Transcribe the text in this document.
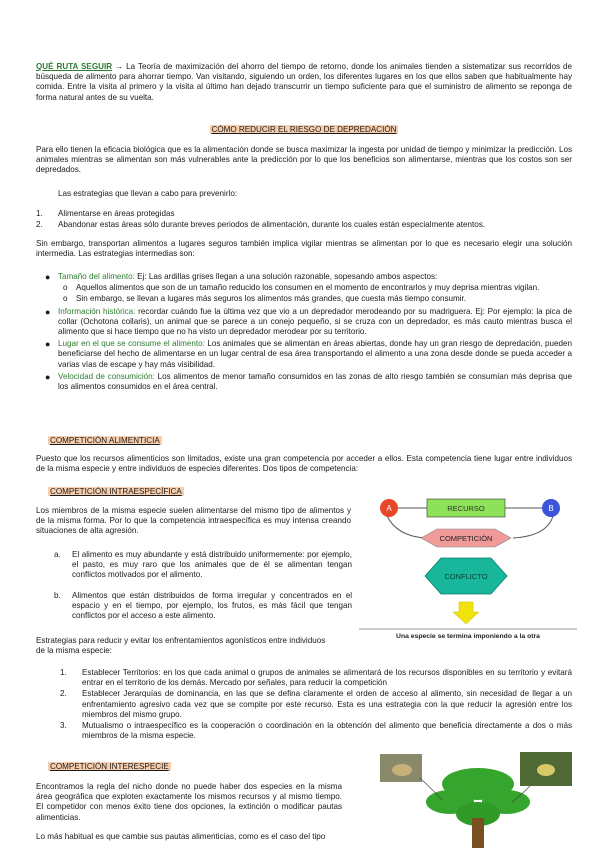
QUÉ RUTA SEGUIR → La Teoría de maximización del ahorro del tiempo de retorno, donde los animales tienden a sistematizar sus recorridos de búsqueda de alimento para ahorrar tiempo. Van visitando, siguiendo un orden, los diferentes lugares en los que ellos saben que habitualmente hay comida. Entre la visita al primero y la visita al último han dejado transcurrir un tiempo suficiente para que el suministro de alimento se reponga de forma natural antes de su vuelta.

CÓMO REDUCIR EL RIESGO DE DEPREDACIÓN

Para ello tienen la eficacia biológica que es la alimentación donde se busca maximizar la ingesta por unidad de tiempo y minimizar la predicción. Los animales mientras se alimentan son más vulnerables ante la predicción por lo que los beneficios son alimentarse, mientras que los costos son ser depredados.

Las estrategias que llevan a cabo para prevenirlo:

1.	Alimentarse en áreas protegidas
2.	Abandonar estas áreas sólo durante breves periodos de alimentación, durante los cuales están especialmente atentos.

Sin embargo, transportan alimentos a lugares seguros también implica vigilar mientras se alimentan por lo que es necesario elegir una solución intermedia. Las estrategias intermedias son:

● Tamaño del alimento: Ej: Las ardillas grises llegan a una solución razonable, sopesando ambos aspectos:
o Aquellos alimentos que son de un tamaño reducido los consumen en el momento de encontrarlos y muy deprisa mientras vigilan.
o Sin embargo, se llevan a lugares más seguros los alimentos más grandes, que cuesta más tiempo consumir.
● Información histórica: recordar cuándo fue la última vez que vio a un depredador merodeando por su madriguera. Ej: Por ejemplo: la pica de collar (Ochotona collaris), un animal que se parece a un conejo pequeño, si se cruza con un depredador, es más cauto mientras busca el alimento que si hace tiempo que no ha visto un depredador merodear por su territorio.
● Lugar en el que se consume el alimento: Los animales que se alimentan en áreas abiertas, donde hay un gran riesgo de depredación, pueden beneficiarse del hecho de alimentarse en un lugar central de esa área transportando el alimento a una zona desde donde se pueda acceder a varias vías de escape y hay más visibilidad.
● Velocidad de consumición: Los alimentos de menor tamaño consumidos en las zonas de alto riesgo también se consumían más deprisa que los alimentos consumidos en el área central.

COMPETICIÓN ALIMENTICIA

Puesto que los recursos alimenticios son limitados, existe una gran competencia por acceder a ellos. Esta competencia tiene lugar entre individuos de la misma especie y entre individuos de especies diferentes. Dos tipos de competencia:

COMPETICIÓN INTRAESPECÍFICA

Los miembros de la misma especie suelen alimentarse del mismo tipo de alimentos y de la misma forma. Por lo que la competencia intraespecífica es muy intensa creando situaciones de alta agresión.

a.	El alimento es muy abundante y está distribuido uniformemente: por ejemplo, el pasto, es muy raro que los animales que de él se alimentan tengan conflictos motivados por el alimento.
b.	Alimentos que están distribuidos de forma irregular y concentrados en el espacio y en el tiempo, por ejemplo, los frutos, es más fácil que tengan conflictos por el acceso a este alimento.

Estrategias para reducir y evitar los enfrentamientos agonísticos entre individuos de la misma especie:

1.	Establecer Territorios: en los que cada animal o grupos de animales se alimentará de los recursos disponibles en su territorio y evitará entrar en el territorio de los demás. Mercado por señales, para reducir la competición
2.	Establecer Jerarquías de dominancia, en las que se defina claramente el orden de acceso al alimento, sin necesidad de llegar a un enfrentamiento agresivo cada vez que se compite por este recurso. Esta es una estrategia con la que reducir la agresión entre los miembros del mismo grupo.
3.	Mutualismo o intraespecífico es la cooperación o coordinación en la obtención del alimento que beneficia directamente a dos o más miembros de la misma especie.

COMPETICIÓN INTERESPECIE

Encontramos la regla del nicho donde no puede haber dos especies en la misma área geográfica que exploten exactamente los mismos recursos y al mismo tiempo. El competidor con menos éxito tiene dos opciones, la extinción o modificar pautas alimenticias.

Lo más habitual es que cambie sus pautas alimenticias, como es el caso del tipo

A	B
RECURSO
COMPETICIÓN
CONFLICTO
Una especie se termina imponiendo a la otra
